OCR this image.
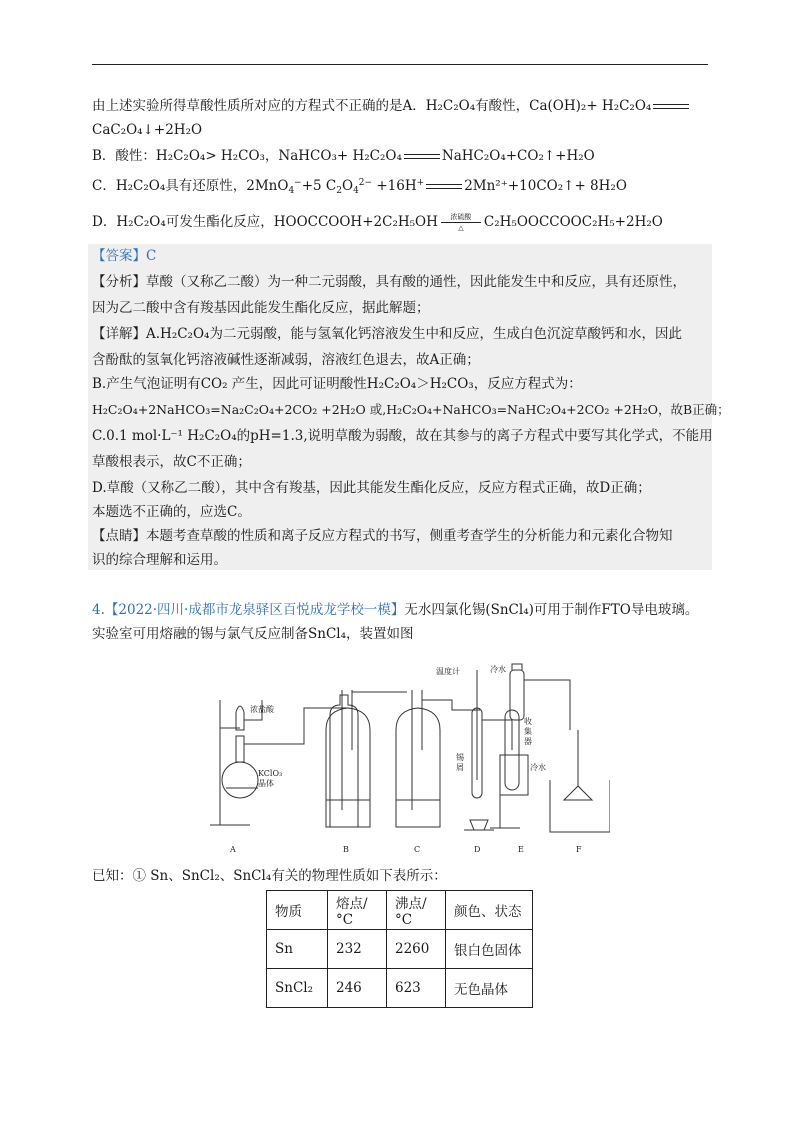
由上述实验所得草酸性质所对应的方程式不正确的是A．H₂C₂O₄有酸性，Ca(OH)₂+ H₂C₂O₄
CaC₂O₄↓+2H₂O
B．酸性：H₂C₂O₄> H₂CO₃，NaHCO₃+ H₂C₂O₄	NaHC₂O₄+CO₂↑+H₂O
C．H₂C₂O₄具有还原性，2MnO$_4$−+5 $C_2O_4^{2-} +16H^+$	2Mn²⁺+10CO₂↑+ 8H₂O
D．H₂C₂O₄可发生酯化反应，HOOCCOOH+2C₂H₅OH	浓硫酸
△	C₂H₅OOCCOOC₂H₅+2H₂O
【答案】C
【分析】草酸（又称乙二酸）为一种二元弱酸，具有酸的通性，因此能发生中和反应，具有还原性，
因为乙二酸中含有羧基因此能发生酯化反应，据此解题；
【详解】A.H₂C₂O₄为二元弱酸，能与氢氧化钙溶液发生中和反应，生成白色沉淀草酸钙和水，因此
含酚酞的氢氧化钙溶液碱性逐渐减弱，溶液红色退去，故A正确；
B.产生气泡证明有CO₂ 产生，因此可证明酸性H₂C₂O₄＞H₂CO₃，反应方程式为：
H₂C₂O₄+2NaHCO₃=Na₂C₂O₄+2CO₂ +2H₂O 或,H₂C₂O₄+NaHCO₃=NaHC₂O₄+2CO₂ +2H₂O，故B正确；
C.0.1 mol·L⁻¹ H₂C₂O₄的pH=1.3,说明草酸为弱酸，故在其参与的离子方程式中要写其化学式，不能用
草酸根表示，故C不正确；
D.草酸（又称乙二酸），其中含有羧基，因此其能发生酯化反应，反应方程式正确，故D正确；
本题选不正确的，应选C。
【点睛】本题考查草酸的性质和离子反应方程式的书写，侧重考查学生的分析能力和元素化合物知
识的综合理解和运用。
4.【2022·四川·成都市龙泉驿区百悦成龙学校一模】无水四氯化锡(SnCl₄)可用于制作FTO导电玻璃。
实验室可用熔融的锡与氯气反应制备SnCl₄，装置如图
浓盐酸
KClO₃
晶体
温度计	冷水
收
集
器
锡
屑	冷水
A	B	C	D	E	F
已知：① Sn、SnCl₂、SnCl₄有关的物理性质如下表所示：
物质	熔点/°C	沸点/°C	颜色、状态
Sn	232	2260	银白色固体
SnCl₂	246	623	无色晶体
